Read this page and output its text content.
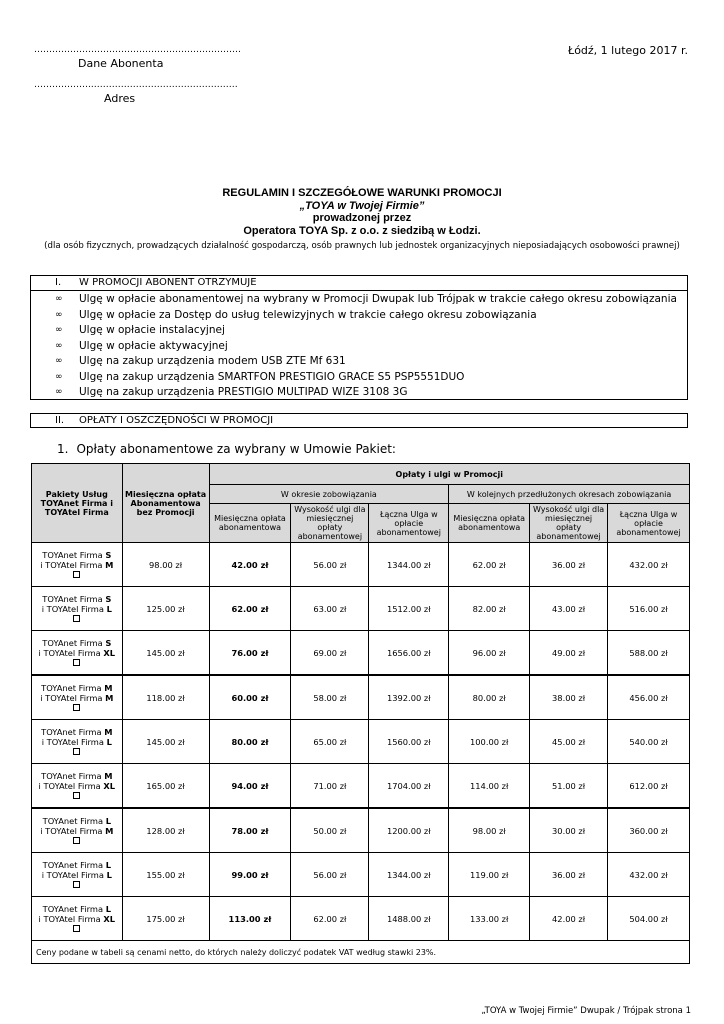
……………………………………………………………
Dane Abonenta
………………..…………………………………………
Adres
Łódź, 1 lutego 2017 r.
REGULAMIN I SZCZEGÓŁOWE WARUNKI PROMOCJI
„TOYA w Twojej Firmie”
prowadzonej przez
Operatora TOYA Sp. z o.o. z siedzibą w Łodzi.
(dla osób fizycznych, prowadzących działalność gospodarczą, osób prawnych lub jednostek organizacyjnych nieposiadających osobowości prawnej)
I. W PROMOCJI ABONENT OTRZYMUJE
∞ Ulgę w opłacie abonamentowej na wybrany w Promocji Dwupak lub Trójpak w trakcie całego okresu zobowiązania
∞ Ulgę w opłacie za Dostęp do usług telewizyjnych w trakcie całego okresu zobowiązania
∞ Ulgę w opłacie instalacyjnej
∞ Ulgę w opłacie aktywacyjnej
∞ Ulgę na zakup urządzenia modem USB ZTE Mf 631
∞ Ulgę na zakup urządzenia SMARTFON PRESTIGIO GRACE S5 PSP5551DUO
∞ Ulgę na zakup urządzenia PRESTIGIO MULTIPAD WIZE 3108 3G
II. OPŁATY I OSZCZĘDNOŚCI W PROMOCJI
1. Opłaty abonamentowe za wybrany w Umowie Pakiet:
Pakiety Usług TOYAnet Firma i TOYAtel Firma	Miesięczna opłata Abonamentowa bez Promocji	Opłaty i ulgi w Promocji					
		W okresie zobowiązania			W kolejnych przedłużonych okresach zobowiązania		
		Miesięczna opłata abonamentowa	Wysokość ulgi dla miesięcznej opłaty abonamentowej	Łączna Ulga w opłacie abonamentowej	Miesięczna opłata abonamentowa	Wysokość ulgi dla miesięcznej opłaty abonamentowej	Łączna Ulga w opłacie abonamentowej
TOYAnet Firma S
i TOYAtel Firma M	98.00 zł	42.00 zł	56.00 zł	1344.00 zł	62.00 zł	36.00 zł	432.00 zł
TOYAnet Firma S
i TOYAtel Firma L	125.00 zł	62.00 zł	63.00 zł	1512.00 zł	82.00 zł	43.00 zł	516.00 zł
TOYAnet Firma S
i TOYAtel Firma XL	145.00 zł	76.00 zł	69.00 zł	1656.00 zł	96.00 zł	49.00 zł	588.00 zł
TOYAnet Firma M
i TOYAtel Firma M	118.00 zł	60.00 zł	58.00 zł	1392.00 zł	80.00 zł	38.00 zł	456.00 zł
TOYAnet Firma M
i TOYAtel Firma L	145.00 zł	80.00 zł	65.00 zł	1560.00 zł	100.00 zł	45.00 zł	540.00 zł
TOYAnet Firma M
i TOYAtel Firma XL	165.00 zł	94.00 zł	71.00 zł	1704.00 zł	114.00 zł	51.00 zł	612.00 zł
TOYAnet Firma L
i TOYAtel Firma M	128.00 zł	78.00 zł	50.00 zł	1200.00 zł	98.00 zł	30.00 zł	360.00 zł
TOYAnet Firma L
i TOYAtel Firma L	155.00 zł	99.00 zł	56.00 zł	1344.00 zł	119.00 zł	36.00 zł	432.00 zł
TOYAnet Firma L
i TOYAtel Firma XL	175.00 zł	113.00 zł	62.00 zł	1488.00 zł	133.00 zł	42.00 zł	504.00 zł
Ceny podane w tabeli są cenami netto, do których należy doliczyć podatek VAT według stawki 23%.							
„TOYA w Twojej Firmie” Dwupak / Trójpak strona 1
